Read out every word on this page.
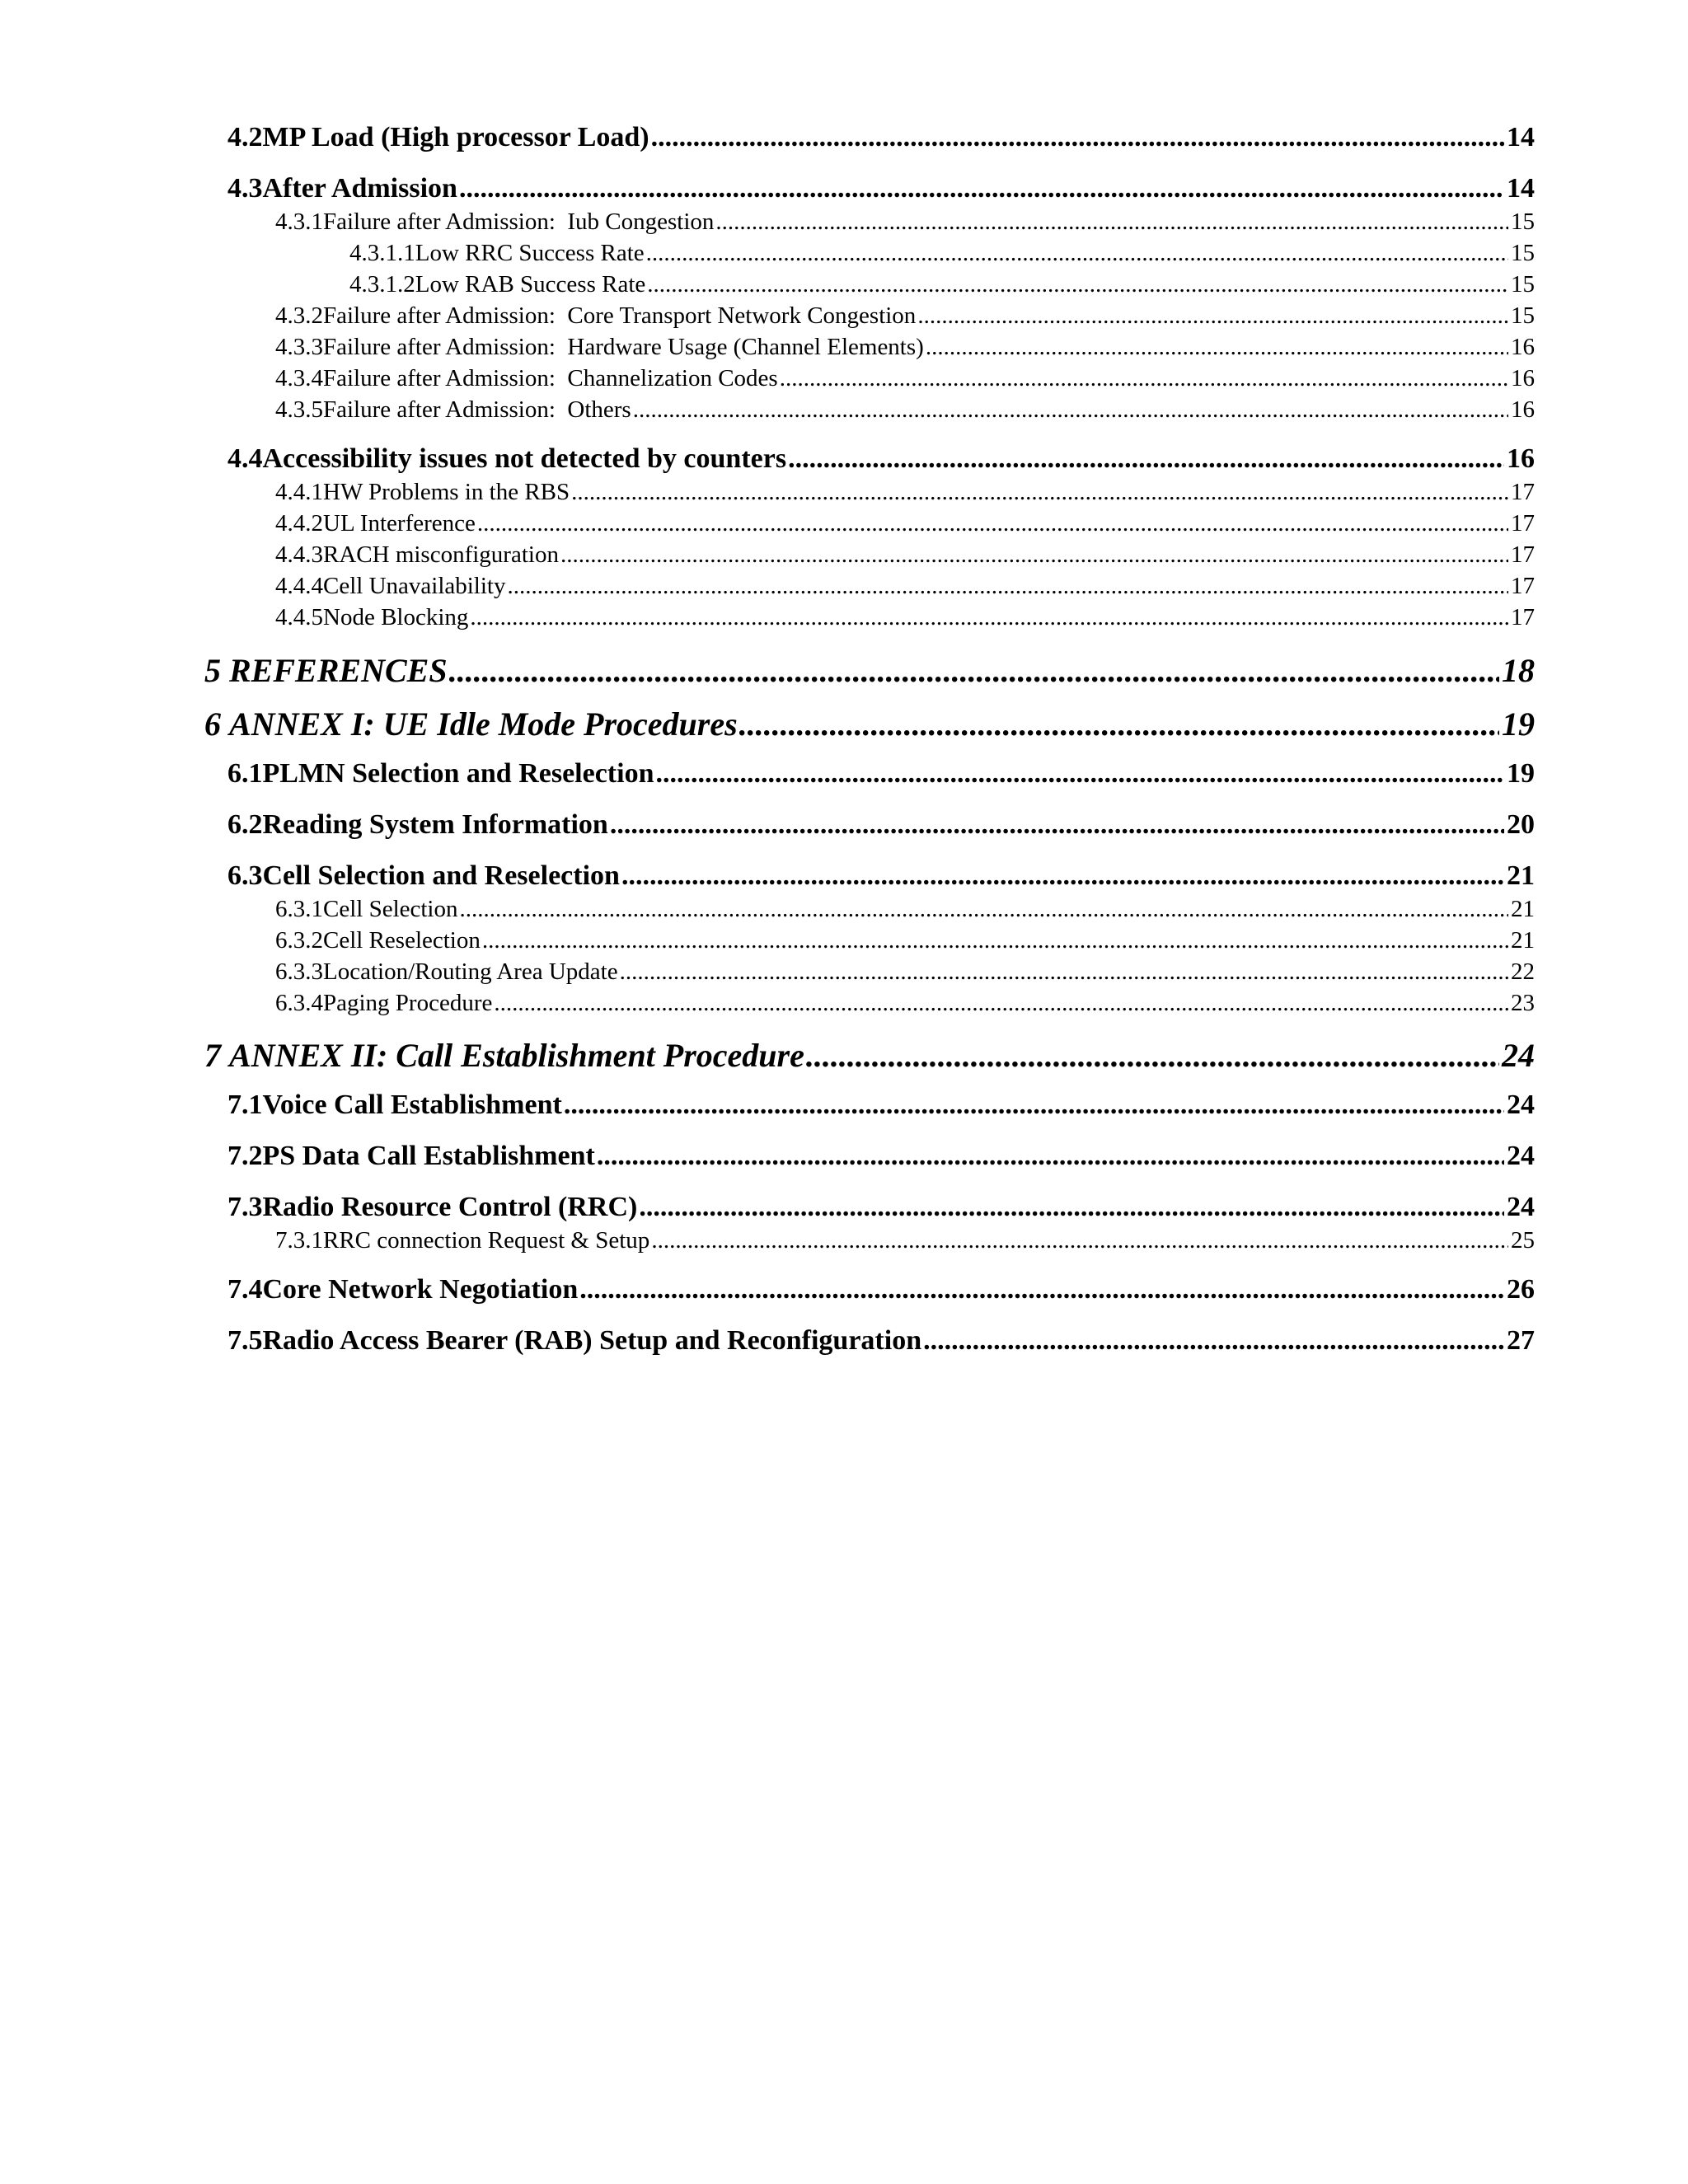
4.2 MP Load (High processor Load) .....	14
4.3 After Admission .....	14
4.3.1 Failure after Admission:  Iub Congestion .....	15
4.3.1.1 Low RRC Success Rate .....	15
4.3.1.2 Low RAB Success Rate .....	15
4.3.2 Failure after Admission:  Core Transport Network Congestion .....	15
4.3.3 Failure after Admission:  Hardware Usage (Channel Elements) .....	16
4.3.4 Failure after Admission:  Channelization Codes .....	16
4.3.5 Failure after Admission:  Others .....	16
4.4 Accessibility issues not detected by counters .....	16
4.4.1 HW Problems in the RBS .....	17
4.4.2 UL Interference .....	17
4.4.3 RACH misconfiguration .....	17
4.4.4 Cell Unavailability .....	17
4.4.5 Node Blocking .....	17
5 REFERENCES .....	18
6 ANNEX I: UE Idle Mode Procedures .....	19
6.1 PLMN Selection and Reselection .....	19
6.2 Reading System Information .....	20
6.3 Cell Selection and Reselection .....	21
6.3.1 Cell Selection .....	21
6.3.2 Cell Reselection .....	21
6.3.3 Location/Routing Area Update .....	22
6.3.4 Paging Procedure .....	23
7 ANNEX II: Call Establishment Procedure .....	24
7.1 Voice Call Establishment .....	24
7.2 PS Data Call Establishment .....	24
7.3 Radio Resource Control (RRC) .....	24
7.3.1 RRC connection Request & Setup .....	25
7.4 Core Network Negotiation .....	26
7.5 Radio Access Bearer (RAB) Setup and Reconfiguration .....	27
